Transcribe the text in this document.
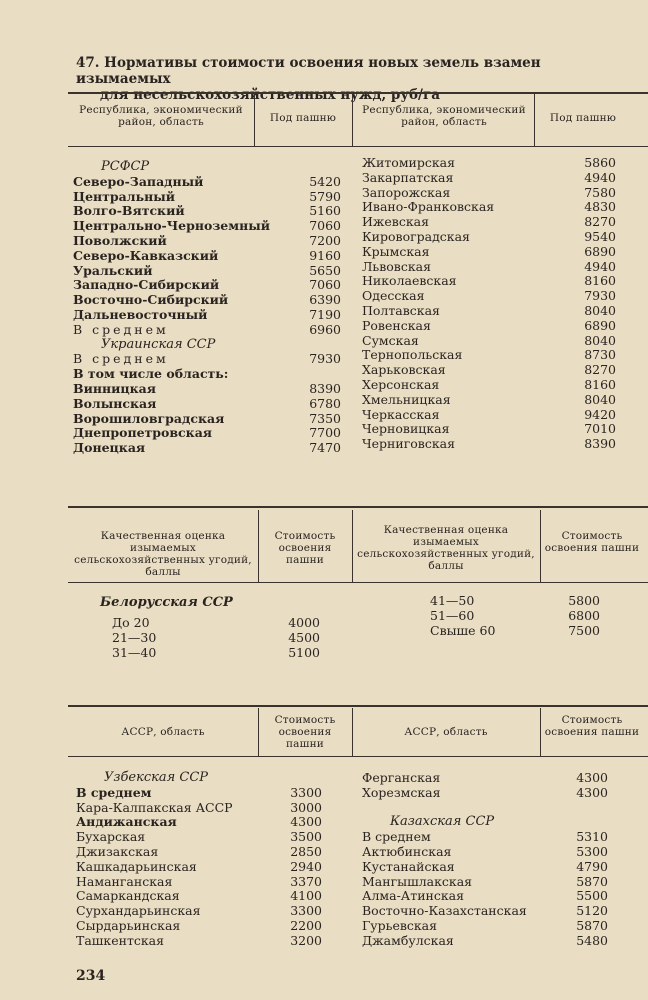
47. Нормативы стоимости освоения новых земель взамен изымаемых
для несельскохозяйственных нужд, руб/га
Республика, экономический район, область	Под пашню
Республика, экономический район, область	Под пашню
РСФСР
Северо-Западный	5420
Центральный	5790
Волго-Вятский	5160
Центрально-Черноземный	7060
Поволжский	7200
Северо-Кавказский	9160
Уральский	5650
Западно-Сибирский	7060
Восточно-Сибирский	6390
Дальневосточный	7190
В среднем	6960
Украинская ССР
В среднем	7930
В том числе область:
Винницкая	8390
Волынская	6780
Ворошиловградская	7350
Днепропетровская	7700
Донецкая	7470
Житомирская	5860
Закарпатская	4940
Запорожская	7580
Ивано-Франковская	4830
Ижевская	8270
Кировоградская	9540
Крымская	6890
Львовская	4940
Николаевская	8160
Одесская	7930
Полтавская	8040
Ровенская	6890
Сумская	8040
Тернопольская	8730
Харьковская	8270
Херсонская	8160
Хмельницкая	8040
Черкасская	9420
Черновицкая	7010
Черниговская	8390
Качественная оценка изымаемых сельскохозяйственных угодий, баллы
Стоимость освоения пашни
Качественная оценка изымаемых сельскохозяйственных угодий, баллы
Стоимость освоения пашни
Белорусская ССР
До 20	4000
21—30	4500
31—40	5100
41—50	5800
51—60	6800
Свыше 60	7500
АССР, область
Стоимость освоения пашни
АССР, область
Стоимость освоения пашни
Узбекская ССР
В среднем	3300
Кара-Калпакская АССР	3000
Андижанская	4300
Бухарская	3500
Джизакская	2850
Кашкадарьинская	2940
Наманганская	3370
Самаркандская	4100
Сурхандарьинская	3300
Сырдарьинская	2200
Ташкентская	3200
Ферганская	4300
Хорезмская	4300
Казахская ССР
В среднем	5310
Актюбинская	5300
Кустанайская	4790
Мангышлакская	5870
Алма-Атинская	5500
Восточно-Казахстанская	5120
Гурьевская	5870
Джамбулская	5480
234
